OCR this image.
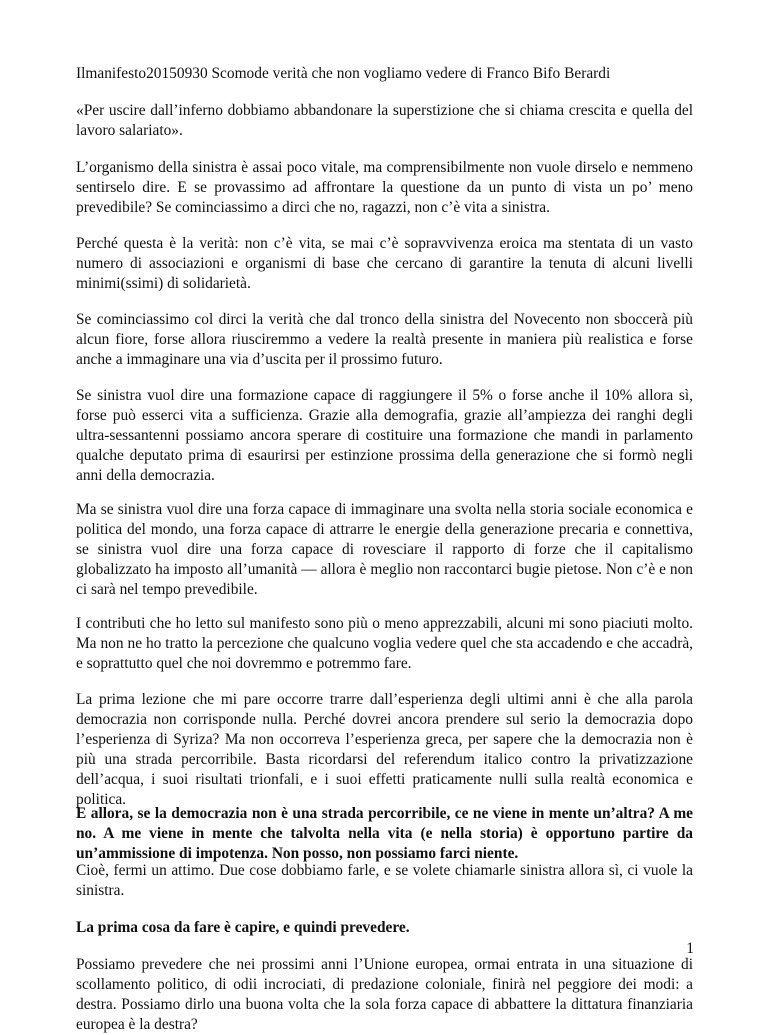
Ilmanifesto20150930 Scomode verità che non vogliamo vedere di Franco Bifo Berardi

«Per uscire dall’inferno dobbiamo abbandonare la superstizione che si chiama crescita e quella del lavoro salariato».

L’organismo della sinistra è assai poco vitale, ma comprensibilmente non vuole dirselo e nemmeno sentirselo dire. E se provassimo ad affrontare la questione da un punto di vista un po’ meno prevedibile? Se cominciassimo a dirci che no, ragazzi, non c’è vita a sinistra.

Perché questa è la verità: non c’è vita, se mai c’è sopravvivenza eroica ma stentata di un vasto numero di associazioni e organismi di base che cercano di garantire la tenuta di alcuni livelli minimi(ssimi) di solidarietà.

Se cominciassimo col dirci la verità che dal tronco della sinistra del Novecento non sboccerà più alcun fiore, forse allora riusciremmo a vedere la realtà presente in maniera più realistica e forse anche a immaginare una via d’uscita per il prossimo futuro.

Se sinistra vuol dire una formazione capace di raggiungere il 5% o forse anche il 10% allora sì, forse può esserci vita a sufficienza. Grazie alla demografia, grazie all’ampiezza dei ranghi degli ultra-sessantenni possiamo ancora sperare di costituire una formazione che mandi in parlamento qualche deputato prima di esaurirsi per estinzione prossima della generazione che si formò negli anni della democrazia.

Ma se sinistra vuol dire una forza capace di immaginare una svolta nella storia sociale economica e politica del mondo, una forza capace di attrarre le energie della generazione precaria e connettiva, se sinistra vuol dire una forza capace di rovesciare il rapporto di forze che il capitalismo globalizzato ha imposto all’umanità — allora è meglio non raccontarci bugie pietose. Non c’è e non ci sarà nel tempo prevedibile.

I contributi che ho letto sul manifesto sono più o meno apprezzabili, alcuni mi sono piaciuti molto. Ma non ne ho tratto la percezione che qualcuno voglia vedere quel che sta accadendo e che accadrà, e soprattutto quel che noi dovremmo e potremmo fare.

La prima lezione che mi pare occorre trarre dall’esperienza degli ultimi anni è che alla parola democrazia non corrisponde nulla. Perché dovrei ancora prendere sul serio la democrazia dopo l’esperienza di Syriza? Ma non occorreva l’esperienza greca, per sapere che la democrazia non è più una strada percorribile. Basta ricordarsi del referendum italico contro la privatizzazione dell’acqua, i suoi risultati trionfali, e i suoi effetti praticamente nulli sulla realtà economica e politica.

E allora, se la democrazia non è una strada percorribile, ce ne viene in mente un’altra? A me no. A me viene in mente che talvolta nella vita (e nella storia) è opportuno partire da un’ammissione di impotenza. Non posso, non possiamo farci niente.

Cioè, fermi un attimo. Due cose dobbiamo farle, e se volete chiamarle sinistra allora sì, ci vuole la sinistra.

La prima cosa da fare è capire, e quindi prevedere.

Possiamo prevedere che nei prossimi anni l’Unione europea, ormai entrata in una situazione di scollamento politico, di odii incrociati, di predazione coloniale, finirà nel peggiore dei modi: a destra. Possiamo dirlo una buona volta che la sola forza capace di abbattere la dittatura finanziaria europea è la destra?

1
